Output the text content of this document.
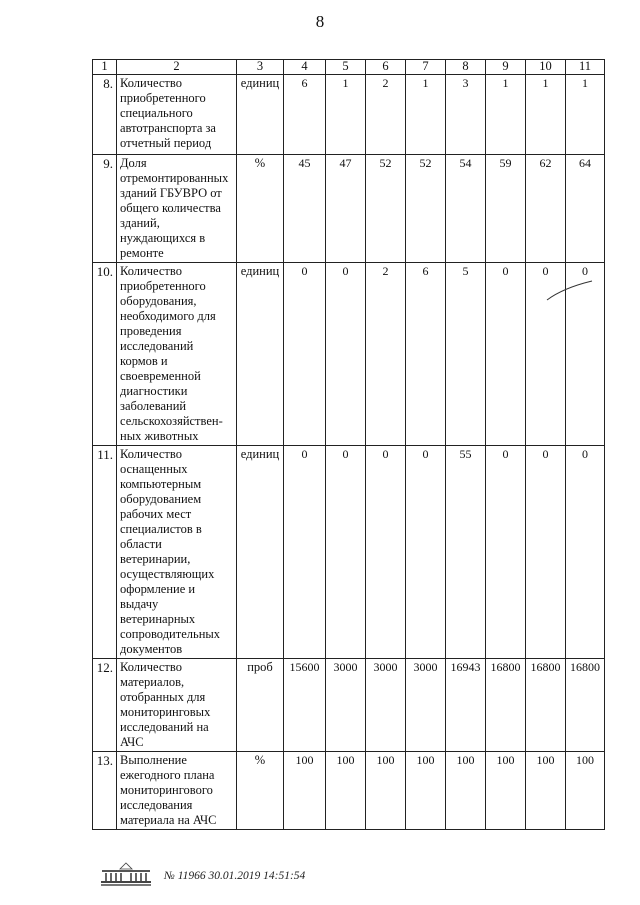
8
1	2	3	4	5	6	7	8	9	10	11
8.	Количество приобретенного специального автотранспорта за отчетный период	единиц	6	1	2	1	3	1	1	1
9.	Доля отремонтированных зданий ГБУВРО от общего количества зданий, нуждающихся в ремонте	%	45	47	52	52	54	59	62	64
10.	Количество приобретенного оборудования, необходимого для проведения исследований кормов и своевременной диагностики заболеваний сельскохозяйствен-ных животных	единиц	0	0	2	6	5	0	0	0
11.	Количество оснащенных компьютерным оборудованием рабочих мест специалистов в области ветеринарии, осуществляющих оформление и выдачу ветеринарных сопроводительных документов	единиц	0	0	0	0	55	0	0	0
12.	Количество материалов, отобранных для мониторинговых исследований на АЧС	проб	15600	3000	3000	3000	16943	16800	16800	16800
13.	Выполнение ежегодного плана мониторингового исследования материала на АЧС	%	100	100	100	100	100	100	100	100
№ 11966 30.01.2019 14:51:54
